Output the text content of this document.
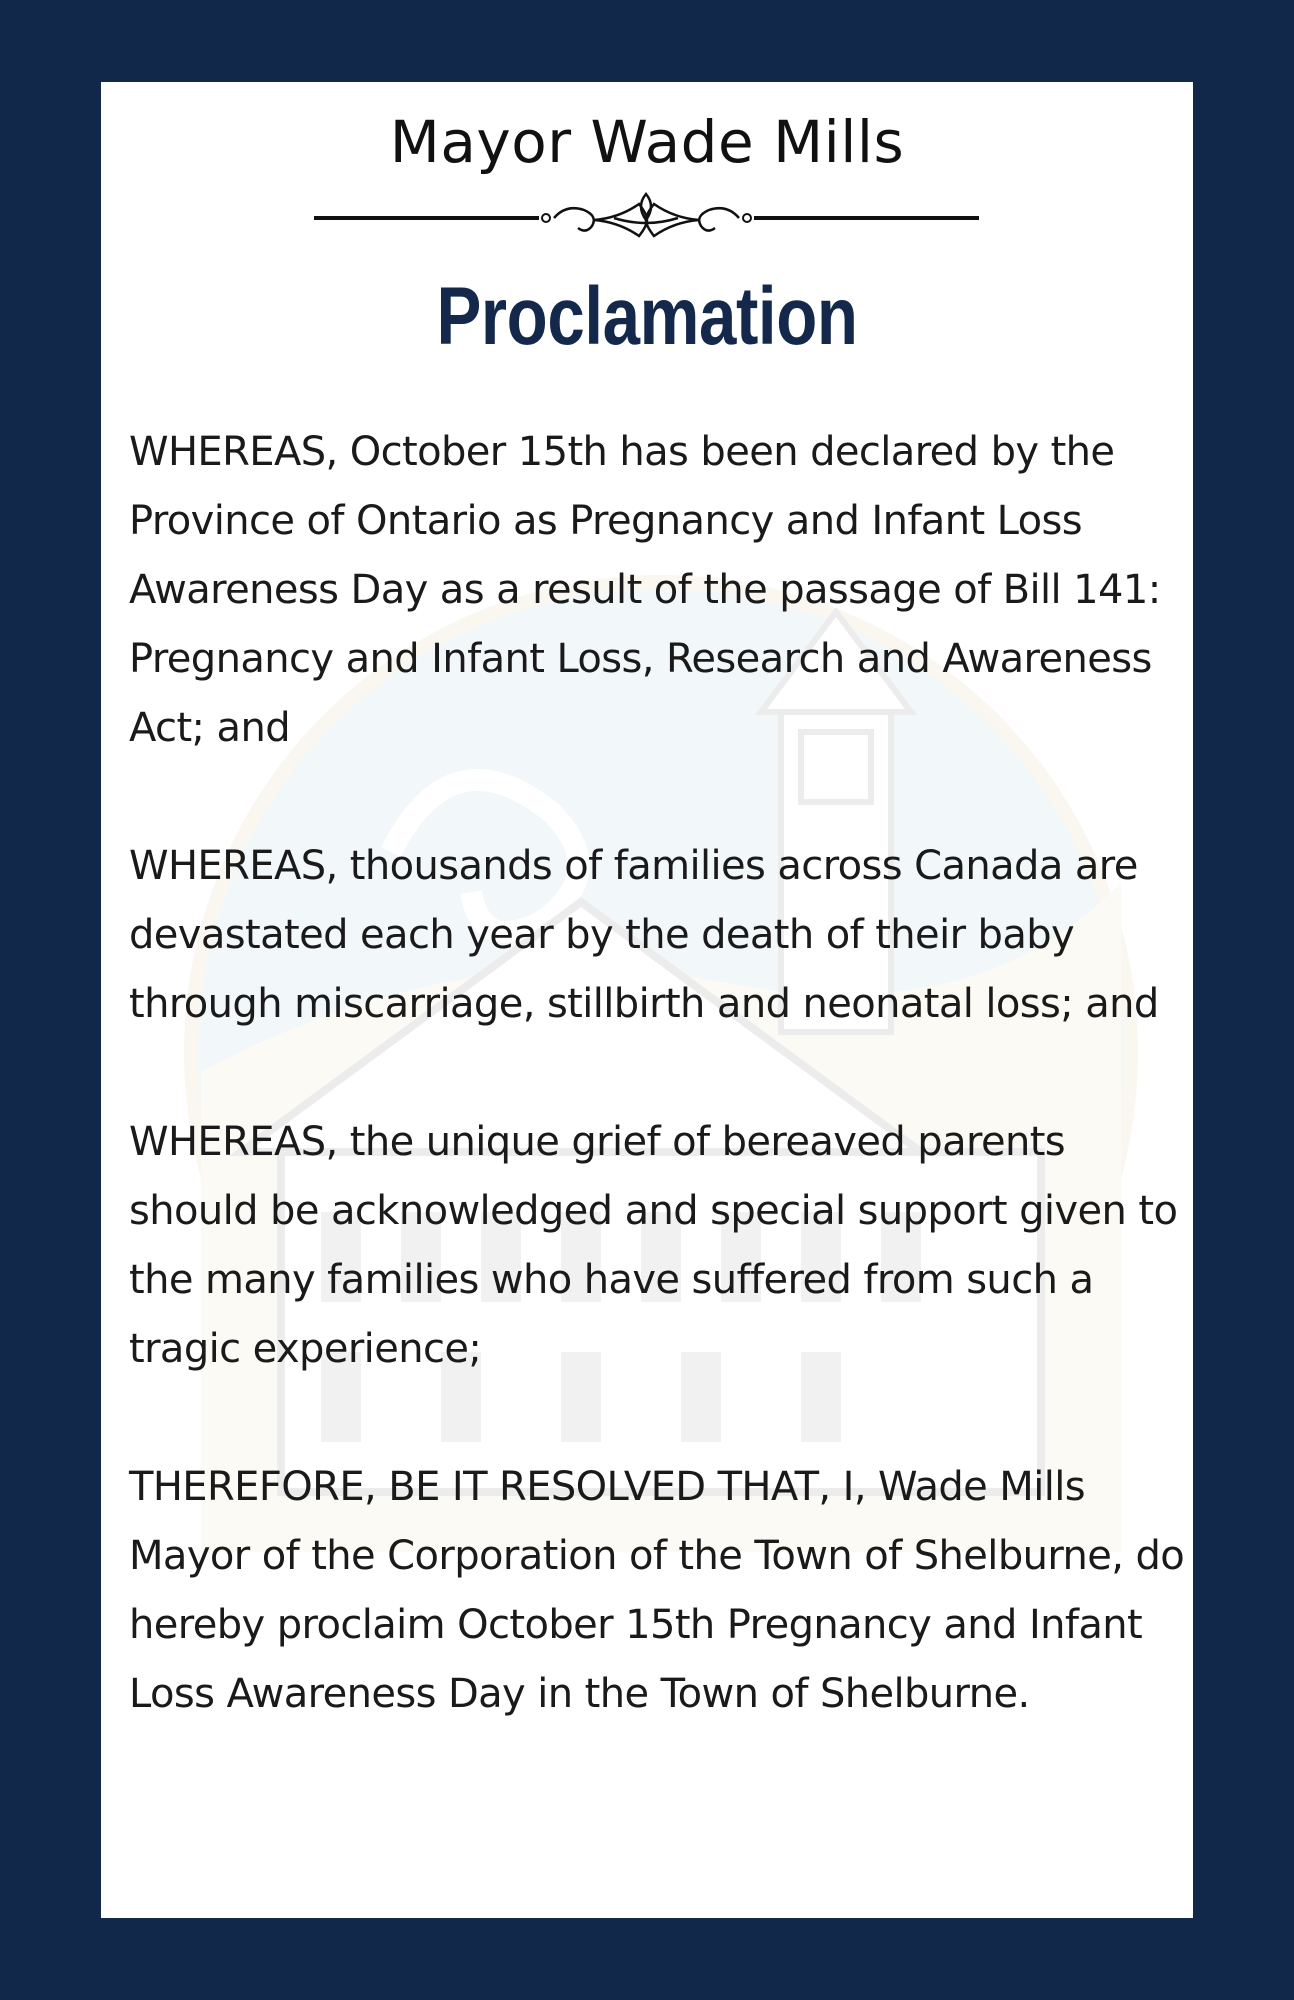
Mayor Wade Mills
Proclamation

WHEREAS, October 15th has been declared by the Province of Ontario as Pregnancy and Infant Loss Awareness Day as a result of the passage of Bill 141: Pregnancy and Infant Loss, Research and Awareness Act; and

WHEREAS, thousands of families across Canada are devastated each year by the death of their baby through miscarriage, stillbirth and neonatal loss; and

WHEREAS, the unique grief of bereaved parents should be acknowledged and special support given to the many families who have suffered from such a tragic experience;

THEREFORE, BE IT RESOLVED THAT, I, Wade Mills Mayor of the Corporation of the Town of Shelburne, do hereby proclaim October 15th Pregnancy and Infant Loss Awareness Day in the Town of Shelburne.
